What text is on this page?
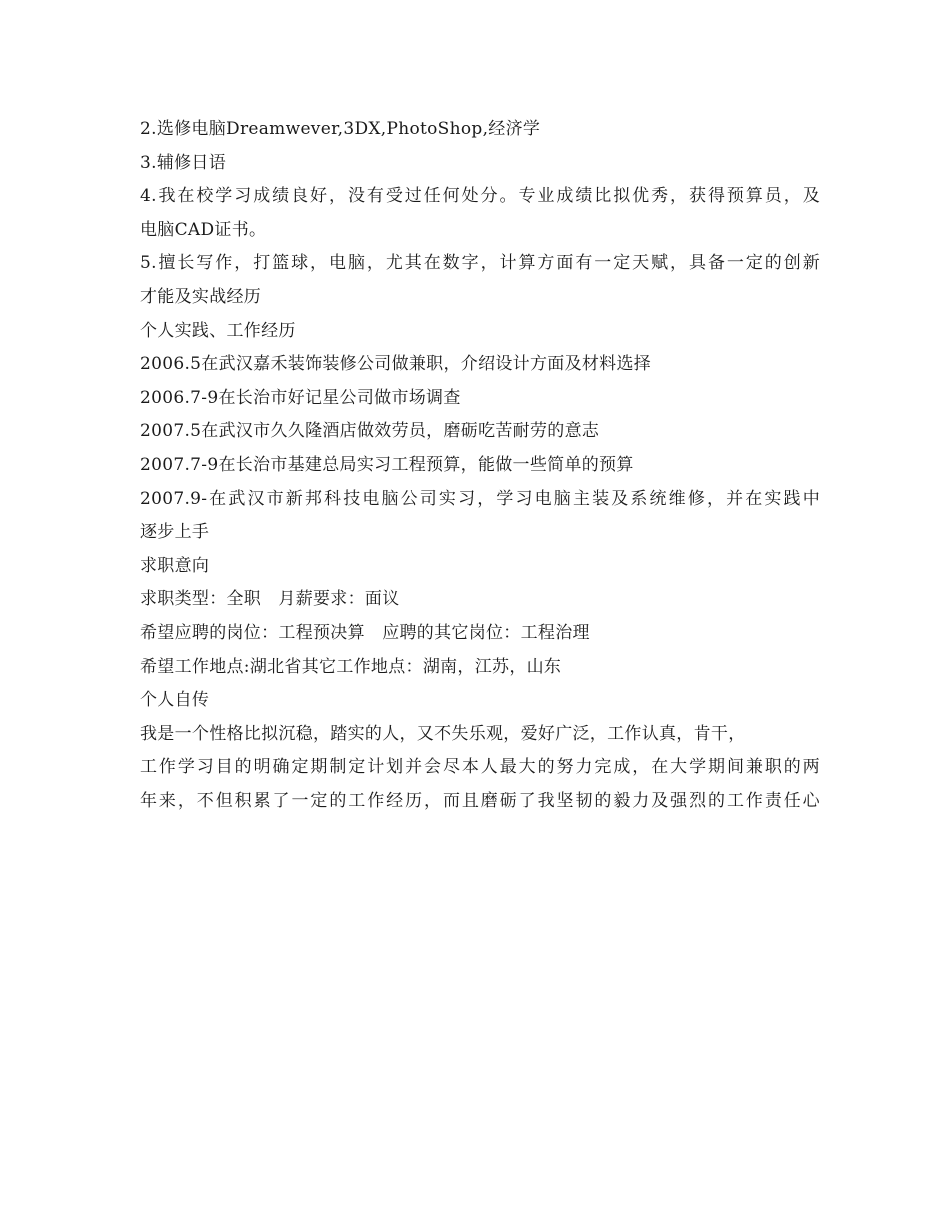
2.选修电脑Dreamwever,3DX,PhotoShop,经济学
3.辅修日语
4.我在校学习成绩良好，没有受过任何处分。专业成绩比拟优秀，获得预算员，及
电脑CAD证书。
5.擅长写作，打篮球，电脑，尤其在数字，计算方面有一定天赋，具备一定的创新
才能及实战经历
个人实践、工作经历
2006.5在武汉嘉禾装饰装修公司做兼职，介绍设计方面及材料选择
2006.7-9在长治市好记星公司做市场调查
2007.5在武汉市久久隆酒店做效劳员，磨砺吃苦耐劳的意志
2007.7-9在长治市基建总局实习工程预算，能做一些简单的预算
2007.9-在武汉市新邦科技电脑公司实习，学习电脑主装及系统维修，并在实践中
逐步上手
求职意向
求职类型：全职　月薪要求：面议
希望应聘的岗位：工程预决算　应聘的其它岗位：工程治理
希望工作地点:湖北省其它工作地点：湖南，江苏，山东
个人自传
我是一个性格比拟沉稳，踏实的人，又不失乐观，爱好广泛，工作认真，肯干，
工作学习目的明确定期制定计划并会尽本人最大的努力完成，在大学期间兼职的两
年来，不但积累了一定的工作经历，而且磨砺了我坚韧的毅力及强烈的工作责任心
